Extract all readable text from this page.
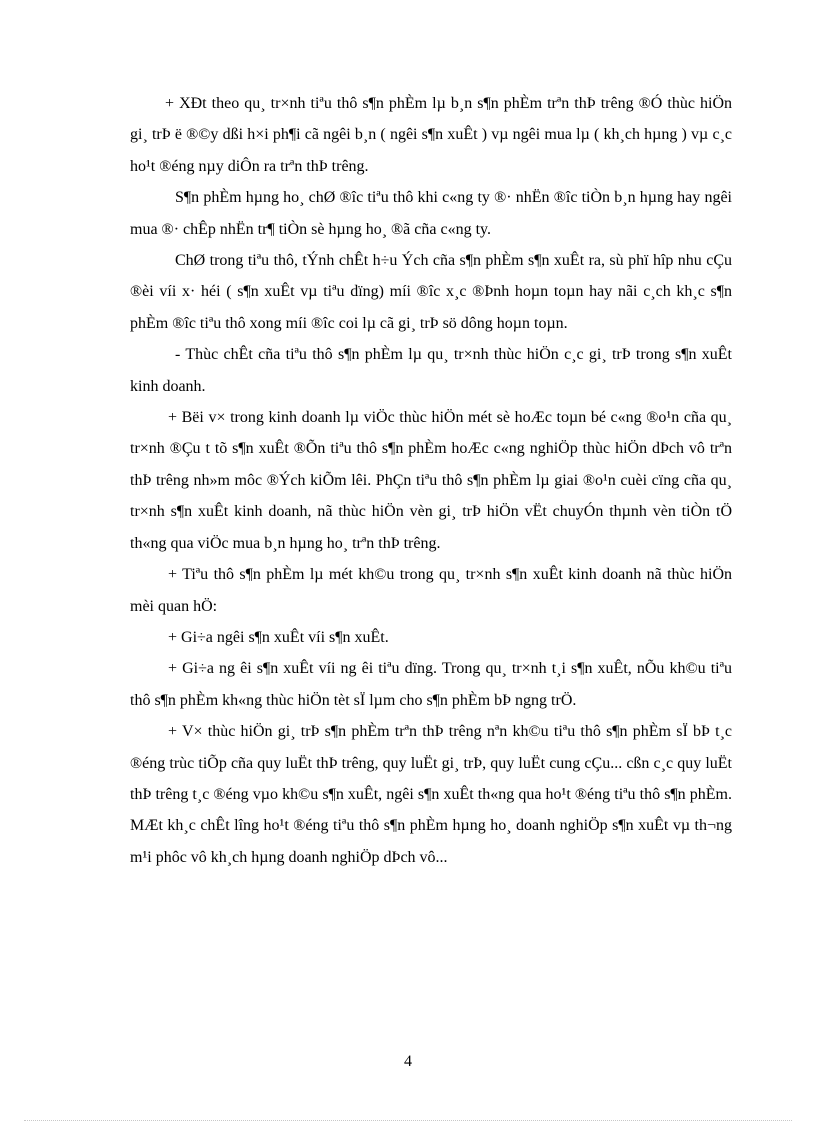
+ XĐt theo qu¸ tr×nh tiªu thô s¶n phÈm lµ b¸n s¶n phÈm trªn thÞ trêng ®Ó thùc hiÖn gi¸ trÞ ë ®©y dßi h×i ph¶i cã ngêi b¸n ( ngêi s¶n xuÊt ) vµ ngêi mua lµ ( kh¸ch hµng ) vµ c¸c ho¹t ®éng nµy diÔn ra trªn thÞ trêng.

S¶n phÈm hµng ho¸ chØ ®îc tiªu thô khi c«ng ty ®· nhËn ®îc tiÒn b¸n hµng hay ngêi mua ®· chÊp nhËn tr¶ tiÒn sè hµng ho¸ ®ã cña c«ng ty.

ChØ trong tiªu thô, tÝnh chÊt h÷u Ých cña s¶n phÈm s¶n xuÊt ra, sù phï hîp nhu cÇu ®èi víi x· héi ( s¶n xuÊt vµ tiªu dïng) míi ®îc x¸c ®Þnh hoµn toµn hay nãi c¸ch kh¸c s¶n phÈm ®îc tiªu thô xong míi ®îc coi lµ cã gi¸ trÞ sö dông hoµn toµn.

- Thùc chÊt cña tiªu thô s¶n phÈm lµ qu¸ tr×nh thùc hiÖn c¸c gi¸ trÞ trong s¶n xuÊt kinh doanh.

+ Bëi v× trong kinh doanh lµ viÖc thùc hiÖn mét sè hoÆc toµn bé c«ng ®o¹n cña qu¸ tr×nh ®Çu t tõ s¶n xuÊt ®Õn tiªu thô s¶n phÈm hoÆc c«ng nghiÖp thùc hiÖn dÞch vô trªn thÞ trêng nh»m môc ®Ých kiÕm lêi. PhÇn tiªu thô s¶n phÈm lµ giai ®o¹n cuèi cïng cña qu¸ tr×nh s¶n xuÊt kinh doanh, nã thùc hiÖn vèn gi¸ trÞ hiÖn vËt chuyÓn thµnh vèn tiÒn tÖ th«ng qua viÖc mua b¸n hµng ho¸ trªn thÞ trêng.

+ Tiªu thô s¶n phÈm lµ mét kh©u trong qu¸ tr×nh s¶n xuÊt kinh doanh nã thùc hiÖn mèi quan hÖ:

+ Gi÷a ngêi s¶n xuÊt víi s¶n xuÊt.

+ Gi÷a ng êi s¶n xuÊt víi ng êi tiªu dïng. Trong qu¸ tr×nh t¸i s¶n xuÊt, nÕu kh©u tiªu thô s¶n phÈm kh«ng thùc hiÖn tèt sÏ lµm cho s¶n phÈm bÞ ngng trÖ.

+ V× thùc hiÖn gi¸ trÞ s¶n phÈm trªn thÞ trêng nªn kh©u tiªu thô s¶n phÈm sÏ bÞ t¸c ®éng trùc tiÕp cña quy luËt thÞ trêng, quy luËt gi¸ trÞ, quy luËt cung cÇu... cßn c¸c quy luËt thÞ trêng t¸c ®éng vµo kh©u s¶n xuÊt, ngêi s¶n xuÊt th«ng qua ho¹t ®éng tiªu thô s¶n phÈm. MÆt kh¸c chÊt lîng ho¹t ®éng tiªu thô s¶n phÈm hµng ho¸ doanh nghiÖp s¶n xuÊt vµ th¬ng m¹i phôc vô kh¸ch hµng doanh nghiÖp dÞch vô...

4
